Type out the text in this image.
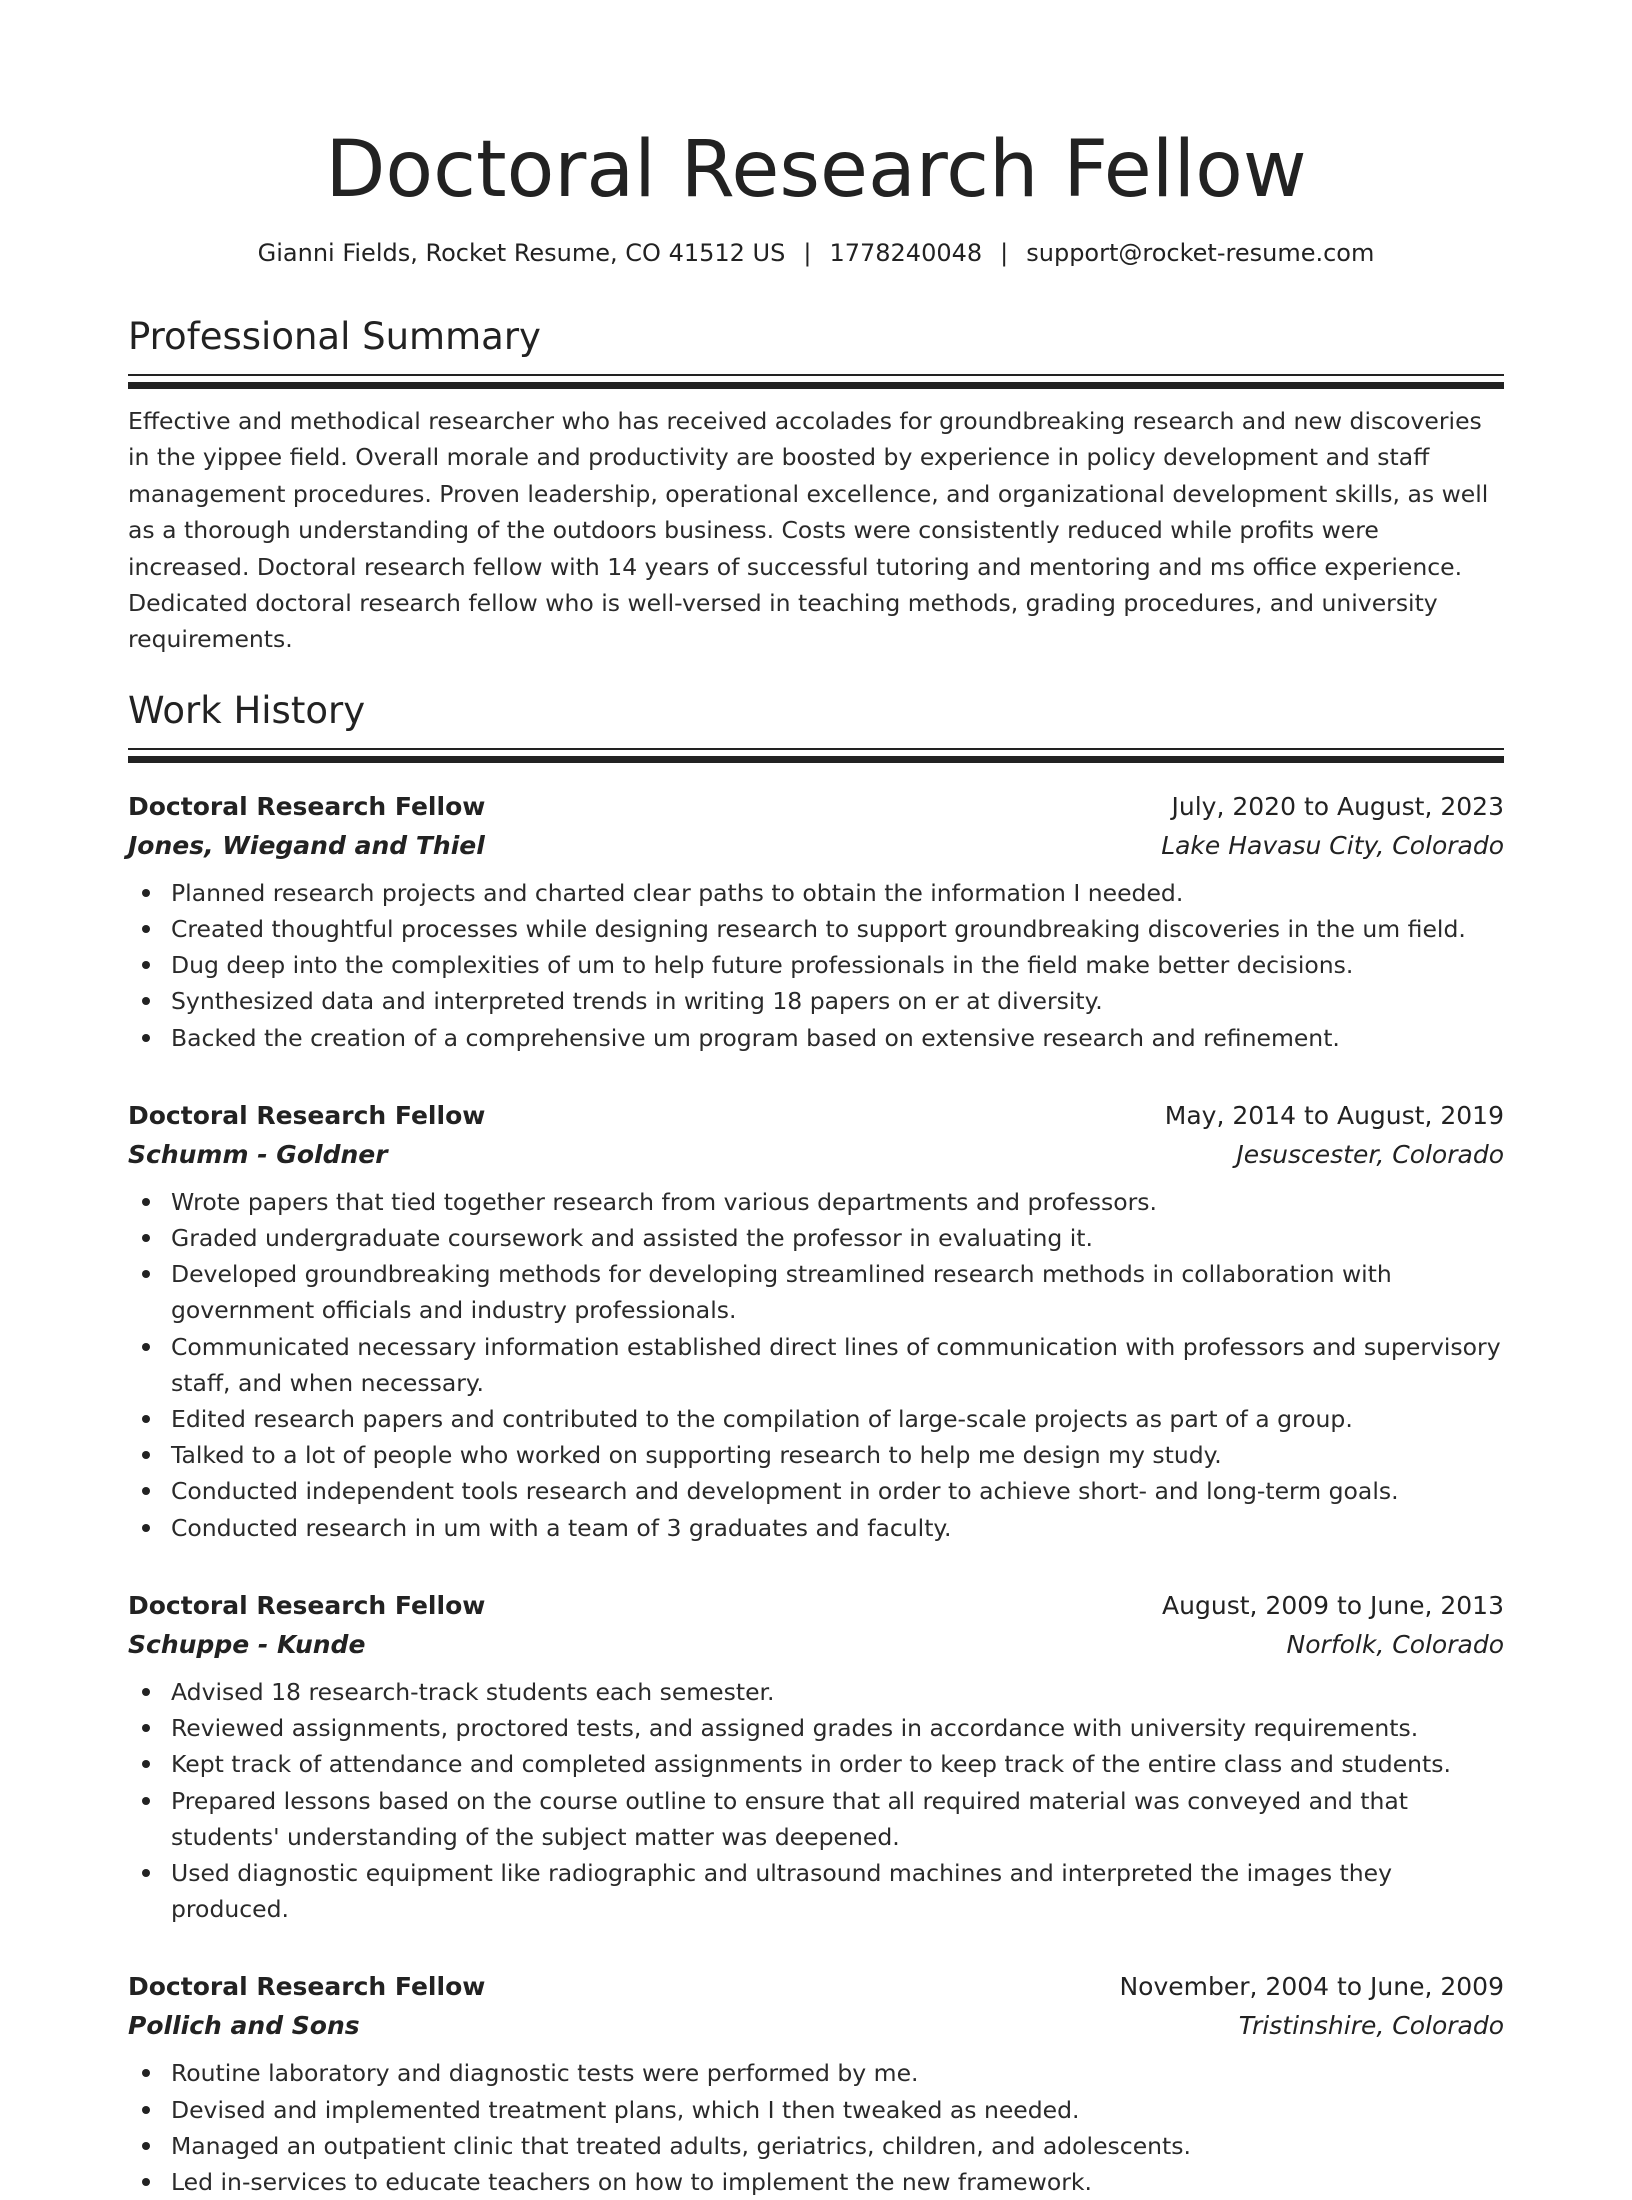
Doctoral Research Fellow
Gianni Fields, Rocket Resume, CO 41512 US | 1778240048 | support@rocket-resume.com
Professional Summary

Effective and methodical researcher who has received accolades for groundbreaking research and new discoveries in the yippee field. Overall morale and productivity are boosted by experience in policy development and staff management procedures. Proven leadership, operational excellence, and organizational development skills, as well as a thorough understanding of the outdoors business. Costs were consistently reduced while profits were increased. Doctoral research fellow with 14 years of successful tutoring and mentoring and ms office experience. Dedicated doctoral research fellow who is well-versed in teaching methods, grading procedures, and university requirements.

Work History
Doctoral Research Fellow	July, 2020 to August, 2023
Jones, Wiegand and Thiel	Lake Havasu City, Colorado
Planned research projects and charted clear paths to obtain the information I needed.
Created thoughtful processes while designing research to support groundbreaking discoveries in the um field.
Dug deep into the complexities of um to help future professionals in the field make better decisions.
Synthesized data and interpreted trends in writing 18 papers on er at diversity.
Backed the creation of a comprehensive um program based on extensive research and refinement.
Doctoral Research Fellow	May, 2014 to August, 2019
Schumm - Goldner	Jesuscester, Colorado
Wrote papers that tied together research from various departments and professors.
Graded undergraduate coursework and assisted the professor in evaluating it.
Developed groundbreaking methods for developing streamlined research methods in collaboration with government officials and industry professionals.
Communicated necessary information established direct lines of communication with professors and supervisory staff, and when necessary.
Edited research papers and contributed to the compilation of large-scale projects as part of a group.
Talked to a lot of people who worked on supporting research to help me design my study.
Conducted independent tools research and development in order to achieve short- and long-term goals.
Conducted research in um with a team of 3 graduates and faculty.
Doctoral Research Fellow	August, 2009 to June, 2013
Schuppe - Kunde	Norfolk, Colorado
Advised 18 research-track students each semester.
Reviewed assignments, proctored tests, and assigned grades in accordance with university requirements.
Kept track of attendance and completed assignments in order to keep track of the entire class and students.
Prepared lessons based on the course outline to ensure that all required material was conveyed and that students' understanding of the subject matter was deepened.
Used diagnostic equipment like radiographic and ultrasound machines and interpreted the images they produced.
Doctoral Research Fellow	November, 2004 to June, 2009
Pollich and Sons	Tristinshire, Colorado
Routine laboratory and diagnostic tests were performed by me.
Devised and implemented treatment plans, which I then tweaked as needed.
Managed an outpatient clinic that treated adults, geriatrics, children, and adolescents.
Led in-services to educate teachers on how to implement the new framework.
